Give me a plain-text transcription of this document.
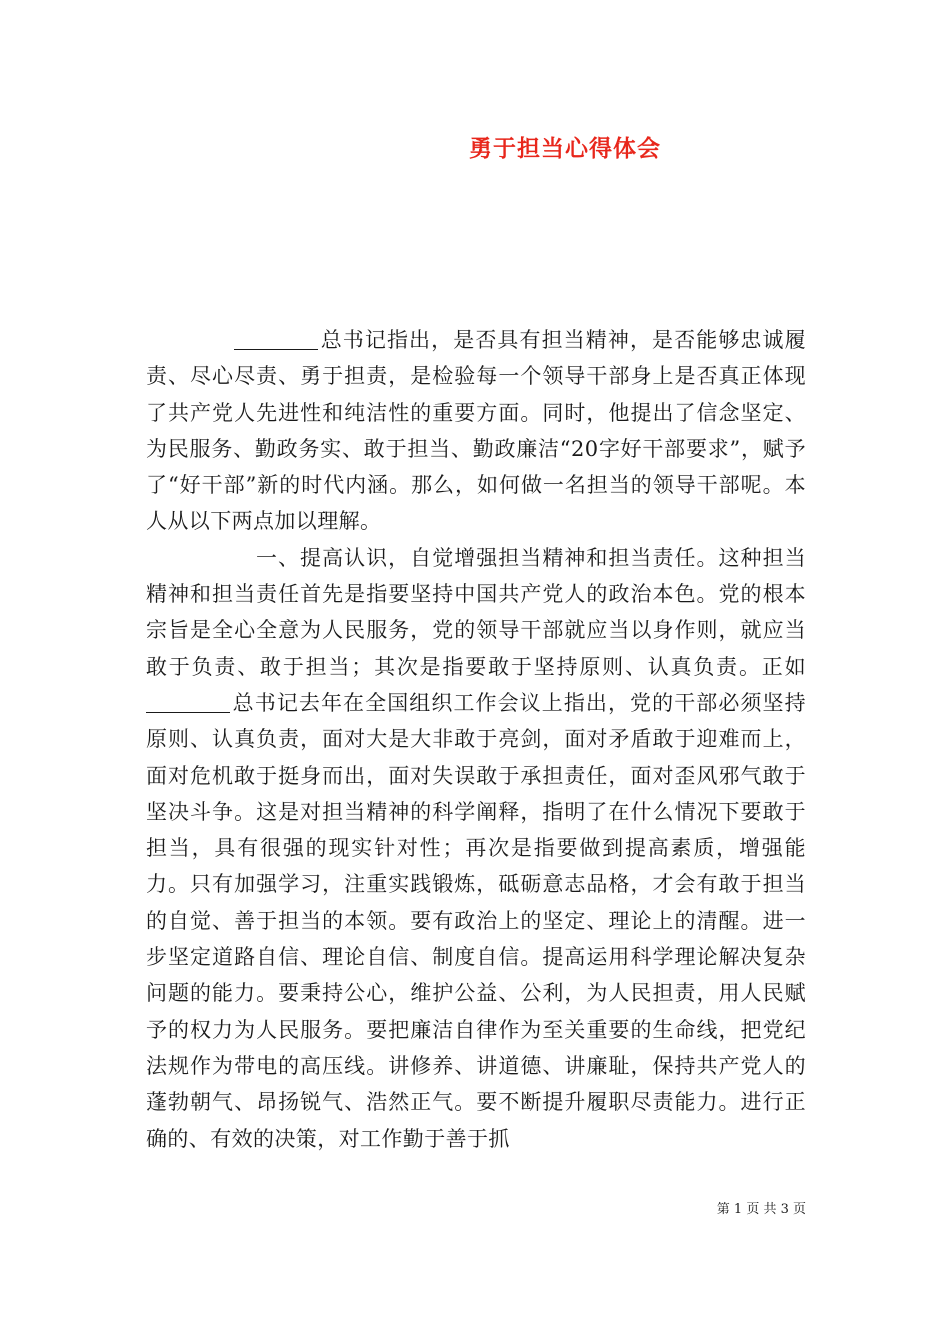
勇于担当心得体会

总书记指出，是否具有担当精神，是否能够忠诚履责、尽心尽责、勇于担责，是检验每一个领导干部身上是否真正体现了共产党人先进性和纯洁性的重要方面。同时，他提出了信念坚定、为民服务、勤政务实、敢于担当、勤政廉洁“20字好干部要求”，赋予了“好干部”新的时代内涵。那么，如何做一名担当的领导干部呢。本人从以下两点加以理解。

一、提高认识，自觉增强担当精神和担当责任。这种担当精神和担当责任首先是指要坚持中国共产党人的政治本色。党的根本宗旨是全心全意为人民服务，党的领导干部就应当以身作则，就应当敢于负责、敢于担当；其次是指要敢于坚持原则、认真负责。正如总书记去年在全国组织工作会议上指出，党的干部必须坚持原则、认真负责，面对大是大非敢于亮剑，面对矛盾敢于迎难而上，面对危机敢于挺身而出，面对失误敢于承担责任，面对歪风邪气敢于坚决斗争。这是对担当精神的科学阐释，指明了在什么情况下要敢于担当，具有很强的现实针对性；再次是指要做到提高素质，增强能力。只有加强学习，注重实践锻炼，砥砺意志品格，才会有敢于担当的自觉、善于担当的本领。要有政治上的坚定、理论上的清醒。进一步坚定道路自信、理论自信、制度自信。提高运用科学理论解决复杂问题的能力。要秉持公心，维护公益、公利，为人民担责，用人民赋予的权力为人民服务。要把廉洁自律作为至关重要的生命线，把党纪法规作为带电的高压线。讲修养、讲道德、讲廉耻，保持共产党人的蓬勃朝气、昂扬锐气、浩然正气。要不断提升履职尽责能力。进行正确的、有效的决策，对工作勤于善于抓

第 1 页 共 3 页
